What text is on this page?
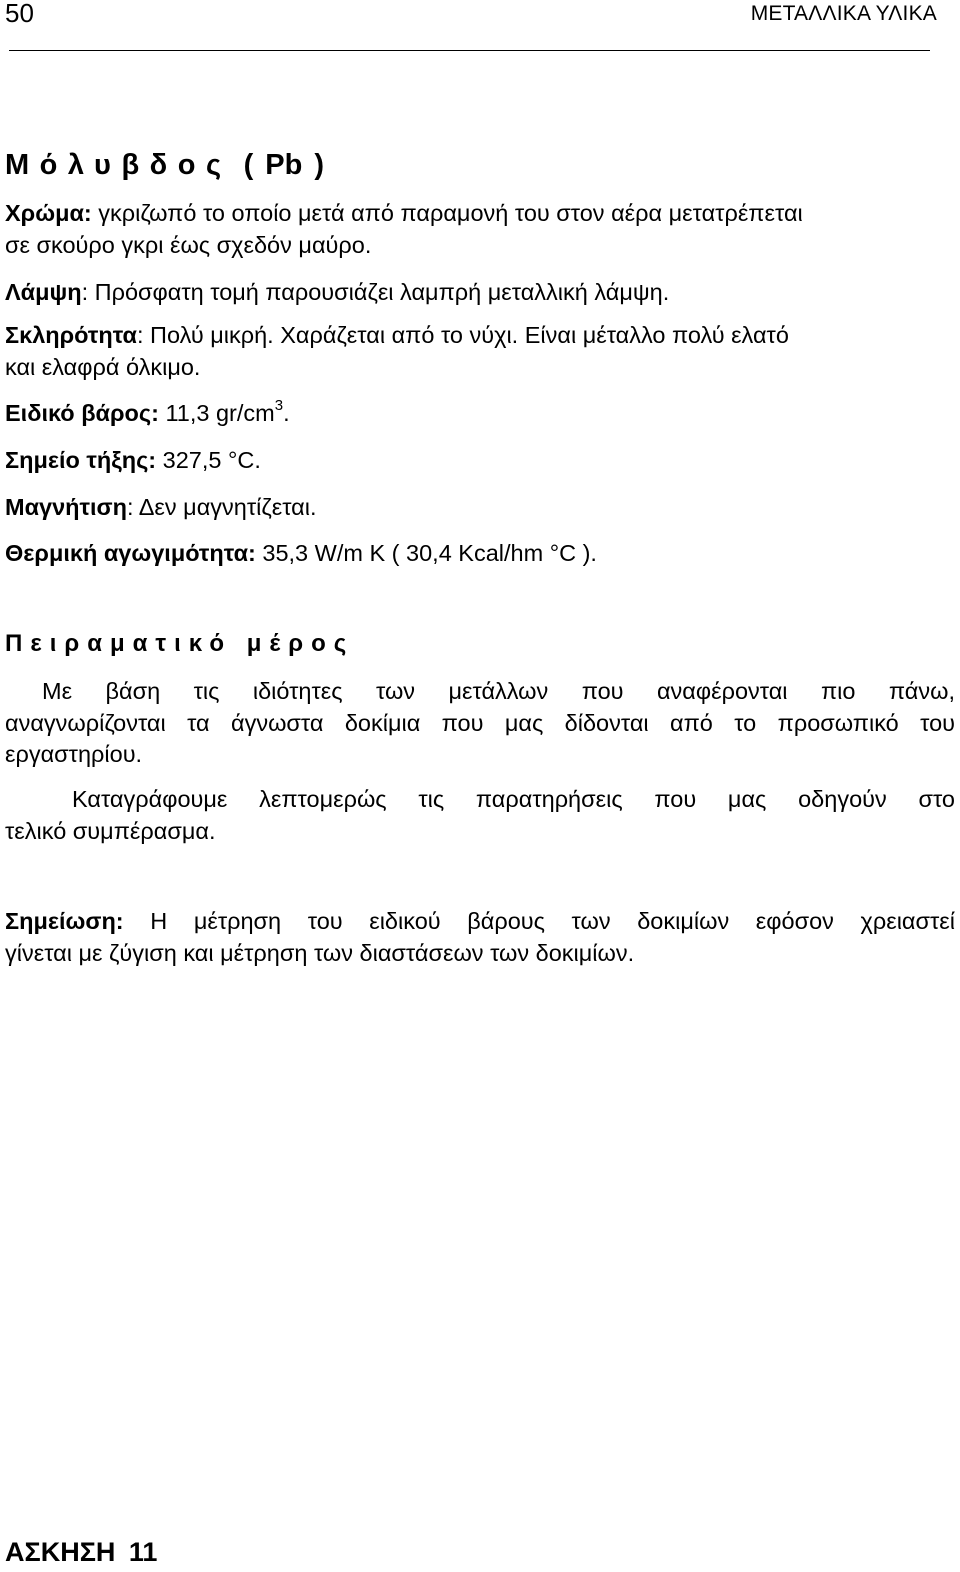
50	ΜΕΤΑΛΛΙΚΑ ΥΛΙΚΑ
Μόλυβδος ( Pb )
Χρώμα: γκριζωπό το οποίο μετά από παραμονή του στον αέρα μετατρέπεται
σε σκούρο γκρι έως σχεδόν μαύρο.
Λάμψη: Πρόσφατη τομή παρουσιάζει λαμπρή μεταλλική λάμψη.
Σκληρότητα: Πολύ μικρή. Χαράζεται από το νύχι. Είναι μέταλλο πολύ ελατό
και ελαφρά όλκιμο.
Ειδικό βάρος: 11,3 $gr/cm^3$.
Σημείο τήξης: 327,5 °C.
Μαγνήτιση: Δεν μαγνητίζεται.
Θερμική αγωγιμότητα: 35,3 W/m K ( 30,4 Kcal/hm °C ).
Πειραματικό μέρος
Με βάση τις ιδιότητες των μετάλλων που αναφέρονται πιο πάνω,
αναγνωρίζονται τα άγνωστα δοκίμια που μας δίδονται από το προσωπικό του
εργαστηρίου.
Καταγράφουμε λεπτομερώς τις παρατηρήσεις που μας οδηγούν στο
τελικό συμπέρασμα.
Σημείωση: Η μέτρηση του ειδικού βάρους των δοκιμίων εφόσον χρειαστεί
γίνεται με ζύγιση και μέτρηση των διαστάσεων των δοκιμίων.
ΑΣΚΗΣΗ 11
